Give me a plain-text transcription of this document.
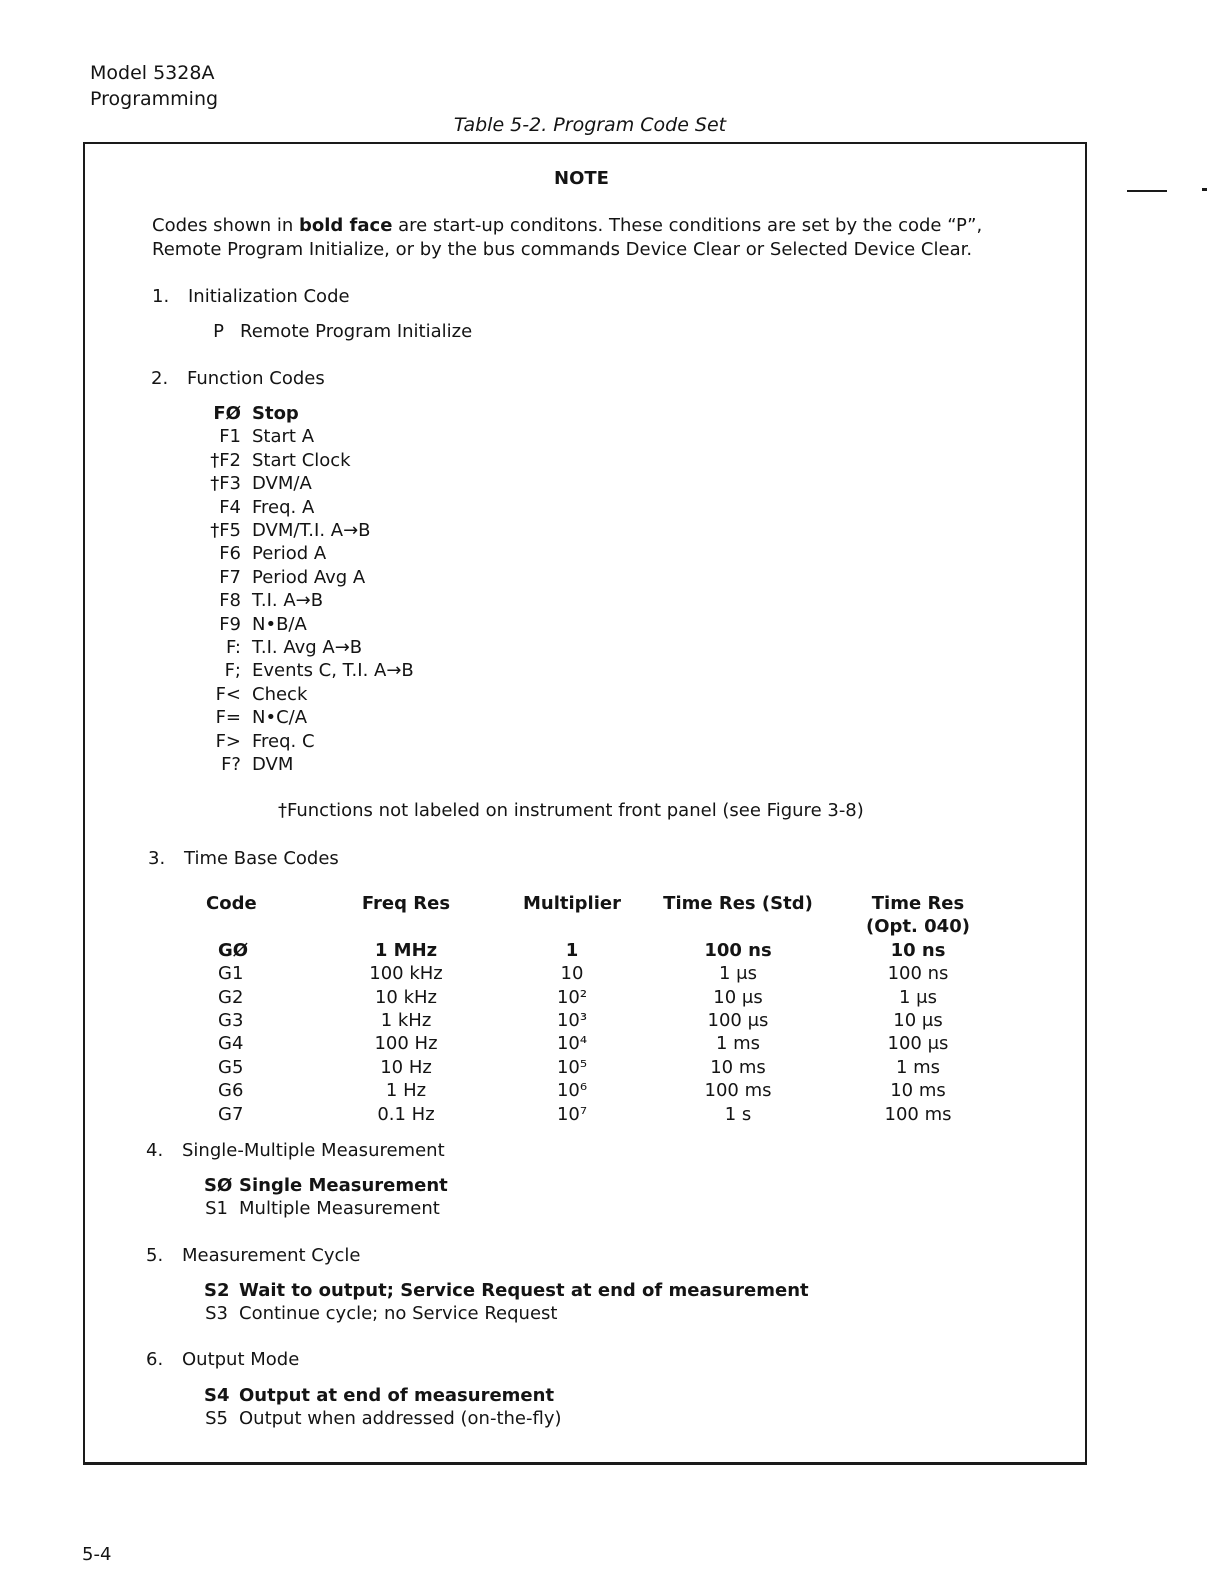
Model 5328A
Programming
Table 5-2. Program Code Set
NOTE
Codes shown in bold face are start-up conditons. These conditions are set by the code “P”, Remote Program Initialize, or by the bus commands Device Clear or Selected Device Clear.
1. Initialization Code
P Remote Program Initialize
2. Function Codes
FØ Stop
F1 Start A
†F2 Start Clock
†F3 DVM/A
F4 Freq. A
†F5 DVM/T.I. A→B
F6 Period A
F7 Period Avg A
F8 T.I. A→B
F9 N•B/A
F: T.I. Avg A→B
F; Events C, T.I. A→B
F< Check
F= N•C/A
F> Freq. C
F? DVM
†Functions not labeled on instrument front panel (see Figure 3-8)
3. Time Base Codes
Code	Freq Res	Multiplier	Time Res (Std)	Time Res (Opt. 040)
GØ	1 MHz	1	100 ns	10 ns
G1	100 kHz	10	1 μs	100 ns
G2	10 kHz	10²	10 μs	1 μs
G3	1 kHz	10³	100 μs	10 μs
G4	100 Hz	10⁴	1 ms	100 μs
G5	10 Hz	10⁵	10 ms	1 ms
G6	1 Hz	10⁶	100 ms	10 ms
G7	0.1 Hz	10⁷	1 s	100 ms
4. Single-Multiple Measurement
SØ Single Measurement
S1 Multiple Measurement
5. Measurement Cycle
S2 Wait to output; Service Request at end of measurement
S3 Continue cycle; no Service Request
6. Output Mode
S4 Output at end of measurement
S5 Output when addressed (on-the-fly)
5-4
